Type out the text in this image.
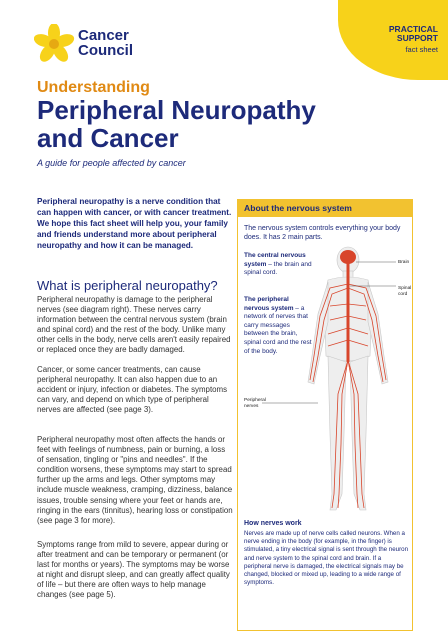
Cancer
Council
PRACTICAL
SUPPORT
fact sheet
Understanding
Peripheral Neuropathy
and Cancer
A guide for people affected by cancer
Peripheral neuropathy is a nerve condition that can happen with cancer, or with cancer treatment. We hope this fact sheet will help you, your family and friends understand more about peripheral neuropathy and how it can be managed.
What is peripheral neuropathy?

Peripheral neuropathy is damage to the peripheral nerves (see diagram right). These nerves carry information between the central nervous system (brain and spinal cord) and the rest of the body. Unlike many other cells in the body, nerve cells aren't easily repaired or replaced once they are badly damaged.

Cancer, or some cancer treatments, can cause peripheral neuropathy. It can also happen due to an accident or injury, infection or diabetes. The symptoms can vary, and depend on which type of peripheral nerves are affected (see page 3).

Peripheral neuropathy most often affects the hands or feet with feelings of numbness, pain or burning, a loss of sensation, tingling or "pins and needles". If the condition worsens, these symptoms may start to spread further up the arms and legs. Other symptoms may include muscle weakness, cramping, dizziness, balance issues, trouble sensing where your feet or hands are, ringing in the ears (tinnitus), hearing loss or constipation (see page 3 for more).

Symptoms range from mild to severe, appear during or after treatment and can be temporary or permanent (or last for months or years). The symptoms may be worse at night and disrupt sleep, and can greatly affect quality of life – but there are often ways to help manage changes (see page 5).

About the nervous system
The nervous system controls everything your body does. It has 2 main parts.
The central nervous system – the brain and spinal cord.
The peripheral nervous system – a network of nerves that carry messages between the brain, spinal cord and the rest of the body.
Brain
Spinal
cord
Peripheral
nerves
How nerves work
Nerves are made up of nerve cells called neurons. When a nerve ending in the body (for example, in the finger) is stimulated, a tiny electrical signal is sent through the neuron and nerve system to the spinal cord and brain. If a peripheral nerve is damaged, the electrical signals may be changed, blocked or mixed up, leading to a wide range of symptoms.
